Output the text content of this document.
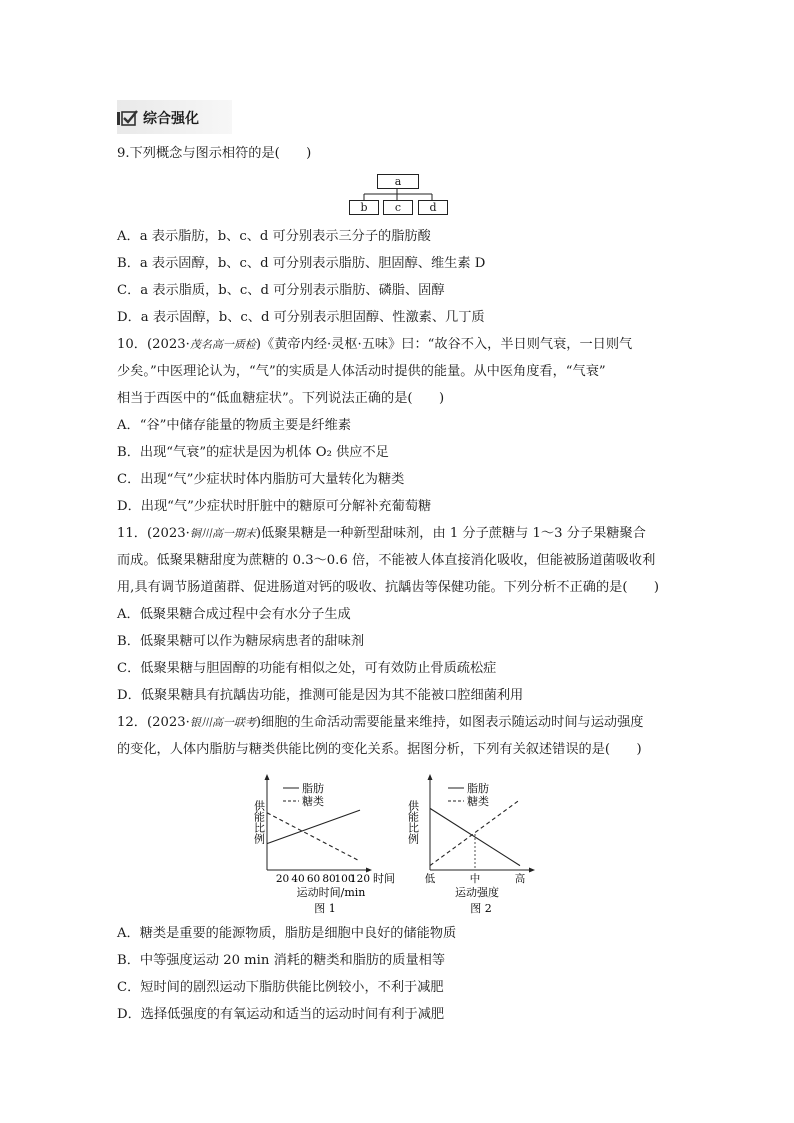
综合强化
9.下列概念与图示相符的是(　　)
a
b	c	d
A．a 表示脂肪，b、c、d 可分别表示三分子的脂肪酸
B．a 表示固醇，b、c、d 可分别表示脂肪、胆固醇、维生素 D
C．a 表示脂质，b、c、d 可分别表示脂肪、磷脂、固醇
D．a 表示固醇，b、c、d 可分别表示胆固醇、性激素、几丁质
10．(2023·茂名高一质检)《黄帝内经·灵枢·五味》曰：“故谷不入，半日则气衰，一日则气
少矣。”中医理论认为，“气”的实质是人体活动时提供的能量。从中医角度看，“气衰”
相当于西医中的“低血糖症状”。下列说法正确的是(　　)
A．“谷”中储存能量的物质主要是纤维素
B．出现“气衰”的症状是因为机体 O₂ 供应不足
C．出现“气”少症状时体内脂肪可大量转化为糖类
D．出现“气”少症状时肝脏中的糖原可分解补充葡萄糖
11．(2023·铜川高一期末)低聚果糖是一种新型甜味剂，由 1 分子蔗糖与 1～3 分子果糖聚合
而成。低聚果糖甜度为蔗糖的 0.3～0.6 倍，不能被人体直接消化吸收，但能被肠道菌吸收利
用,具有调节肠道菌群、促进肠道对钙的吸收、抗龋齿等保健功能。下列分析不正确的是(　　)
A．低聚果糖合成过程中会有水分子生成
B．低聚果糖可以作为糖尿病患者的甜味剂
C．低聚果糖与胆固醇的功能有相似之处，可有效防止骨质疏松症
D．低聚果糖具有抗龋齿功能，推测可能是因为其不能被口腔细菌利用
12．(2023·银川高一联考)细胞的生命活动需要能量来维持，如图表示随运动时间与运动强度
的变化，人体内脂肪与糖类供能比例的变化关系。据图分析，下列有关叙述错误的是(　　)
供能比例
脂肪
糖类
20 40 60 80
100
120 时间
运动时间/min
图 1
供能比例
脂肪
糖类
低	中	高
运动强度
图 2
A．糖类是重要的能源物质，脂肪是细胞中良好的储能物质
B．中等强度运动 20 min 消耗的糖类和脂肪的质量相等
C．短时间的剧烈运动下脂肪供能比例较小，不利于减肥
D．选择低强度的有氧运动和适当的运动时间有利于减肥
